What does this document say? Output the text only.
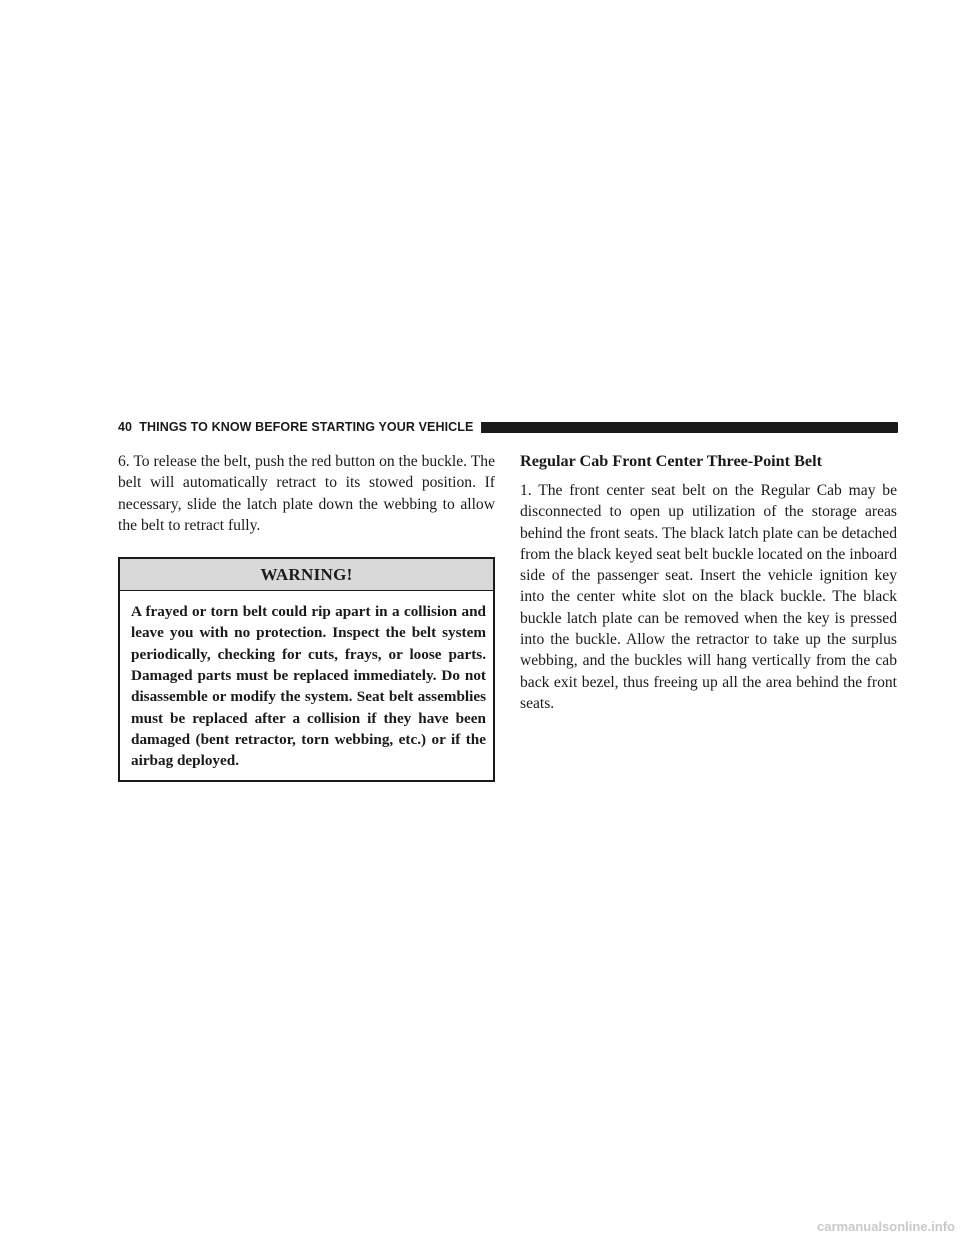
40 THINGS TO KNOW BEFORE STARTING YOUR VEHICLE

6. To release the belt, push the red button on the buckle. The belt will automatically retract to its stowed position. If necessary, slide the latch plate down the webbing to allow the belt to retract fully.

WARNING!
A frayed or torn belt could rip apart in a collision and leave you with no protection. Inspect the belt system periodically, checking for cuts, frays, or loose parts. Damaged parts must be replaced immediately. Do not disassemble or modify the system. Seat belt assemblies must be replaced after a collision if they have been damaged (bent retractor, torn webbing, etc.) or if the airbag deployed.
Regular Cab Front Center Three-Point Belt

1. The front center seat belt on the Regular Cab may be disconnected to open up utilization of the storage areas behind the front seats. The black latch plate can be detached from the black keyed seat belt buckle located on the inboard side of the passenger seat. Insert the vehicle ignition key into the center white slot on the black buckle. The black buckle latch plate can be removed when the key is pressed into the buckle. Allow the retractor to take up the surplus webbing, and the buckles will hang vertically from the cab back exit bezel, thus freeing up all the area behind the front seats.

carmanualsonline.info
